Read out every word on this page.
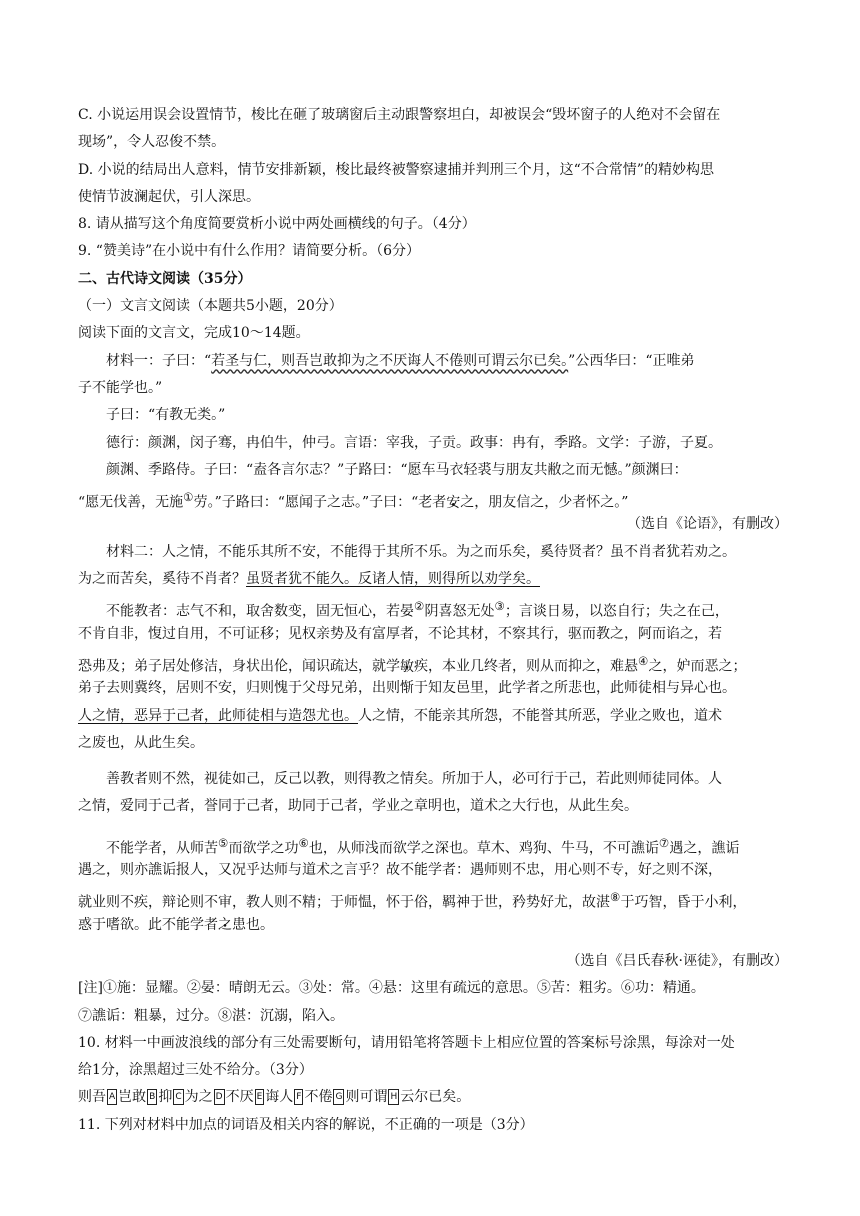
C. 小说运用误会设置情节，梭比在砸了玻璃窗后主动跟警察坦白，却被误会“毁坏窗子的人绝对不会留在
现场”，令人忍俊不禁。
D. 小说的结局出人意料，情节安排新颖，梭比最终被警察逮捕并判刑三个月，这“不合常情”的精妙构思
使情节波澜起伏，引人深思。
8. 请从描写这个角度简要赏析小说中两处画横线的句子。（4分）
9. “赞美诗”在小说中有什么作用？请简要分析。（6分）
二、古代诗文阅读（35分）
（一）文言文阅读（本题共5小题，20分）
阅读下面的文言文，完成10～14题。
材料一：子曰：“若圣与仁，则吾岂敢抑为之不厌诲人不倦则可谓云尔已矣。”公西华曰：“正唯弟
子不能学也。”
子曰：“有教无类。”
德行：颜渊，闵子骞，冉伯牛，仲弓。言语：宰我，子贡。政事：冉有，季路。文学：子游，子夏。
颜渊、季路侍。子曰：“盍各言尔志？”子路曰：“愿车马衣轻裘与朋友共敝之而无憾。”颜渊曰：
“愿无伐善，无施①劳。”子路曰：“愿闻子之志。”子曰：“老者安 •之，朋友信之，少者怀之。”
（选自《论语》，有删改）
材料二：人之情，不能乐其所不安，不能得于其所不乐。为之而乐矣，奚待贤者？虽不肖者犹若劝之。
为之而苦矣，奚待不肖者？虽贤者犹不能久。反诸人情，则得所以劝学矣。
不能教者：志气不和，取舍数变，固无恒心，若晏②阴喜怒无处③；言谈日易，以恣自行；失之在己，
不肯自非，愎过自用，不可证移；见权亲势及有富厚者，不论其材，不察其行，驱而教之，阿而谄之，若
恐弗及；弟子居处修洁，身状出伦，闻识疏达，就学敏 •疾，本业几终者，则从而抑之，难悬④之，妒而恶之；
弟子去则冀终，居则不安，归则愧于父母兄弟，出则惭于知友邑里，此学者之所悲也，此师徒相与异心也。
人之情，恶异于己者，此师徒相与造怨尤也。人之情，不能亲其所怨，不能誉其所恶，学业之败也，道术
之废也，从此生矣。
善教者则不然，视徒如己，反己以教，则得教之情矣。所加于人，必可行于己，若此则师徒同体。人
之情，爱同于己者，誉同于己者，助同于己者，学业之章明也，道术之大行也，从此生矣。
不能学者，从师苦⑤而欲学之功⑥也，从师浅而欲学之深也。草木、鸡狗、牛马，不可譙诟⑦遇之，譙诟
遇之，则亦譙诟报人，又况乎达师与道术之言乎？故不能学者：遇师则不忠，用心则不专，好之则不深，
就业则不疾，辩论则不审，教人则不精；于师愠，怀于俗，羁神于世，矜势好尤，故湛⑧于巧智，昏于小利，
惑于嗜欲。此不能学者之 •患也。
（选自《吕氏春秋·诬徒》，有删改）
[注]①施：显耀。②晏：晴朗无云。③处：常。④悬：这里有疏远的意思。⑤苦：粗劣。⑥功：精通。
⑦譙诟：粗暴，过分。⑧湛：沉溺，陷入。
10. 材料一中画波浪线的部分有三处需要断句，请用铅笔将答题卡上相应位置的答案标号涂黑，每涂对一处
给1分，涂黑超过三处不给分。（3分）
则吾 A 岂敢 B 抑 C 为之 D 不厌 E 诲人 F 不倦 G 则可谓 H 云尔已矣。
11. 下列对材料中加点的词语及相关内容的解说，不正确的一项是（3分）
